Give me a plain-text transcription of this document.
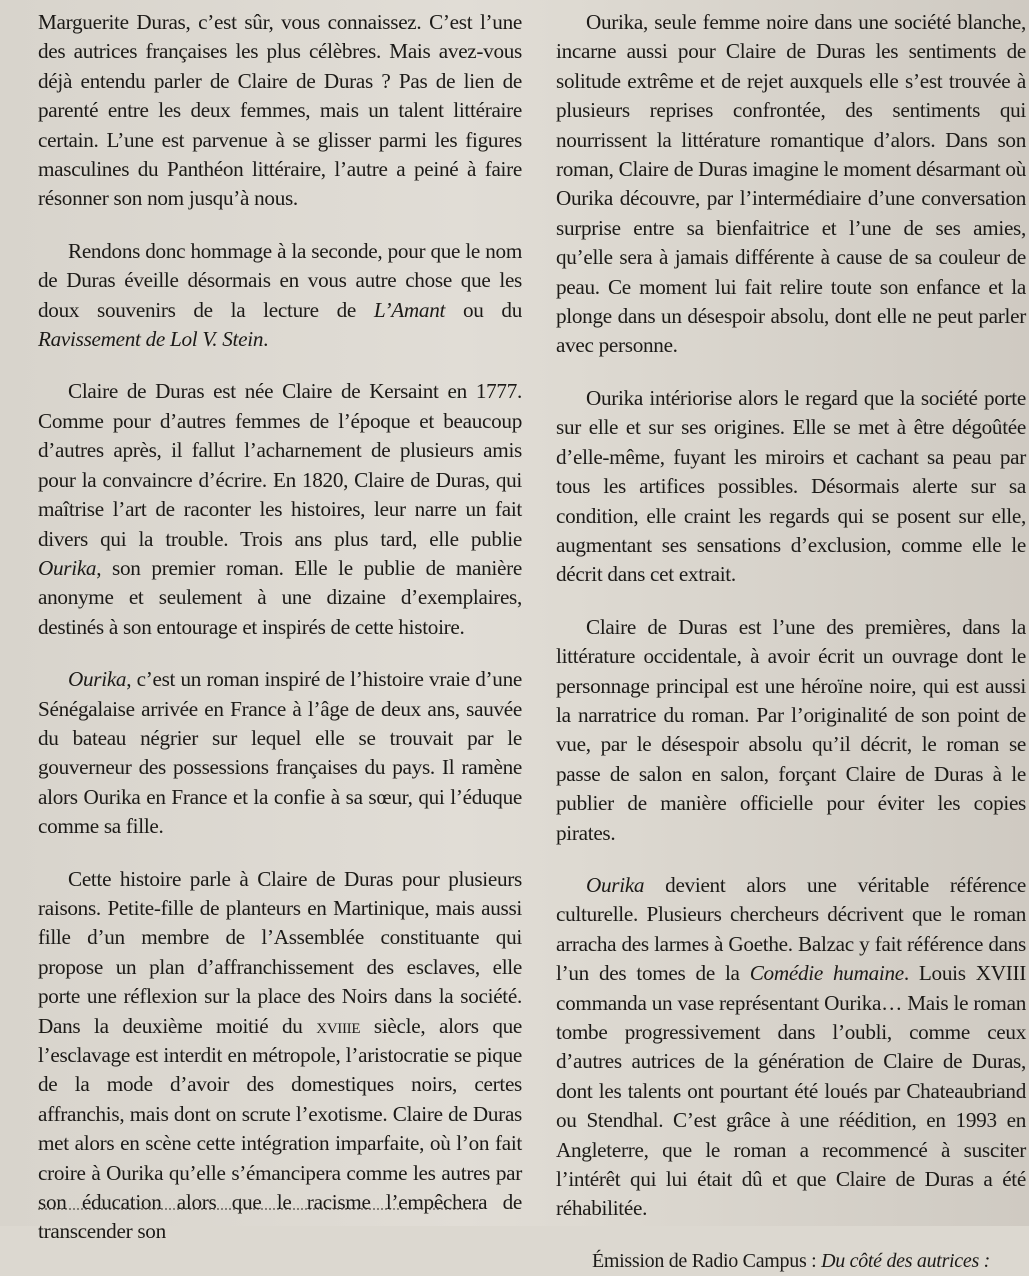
Marguerite Duras, c’est sûr, vous connaissez. C’est l’une des autrices françaises les plus célèbres. Mais avez-vous déjà entendu parler de Claire de Duras ? Pas de lien de parenté entre les deux femmes, mais un talent littéraire certain. L’une est parvenue à se glisser parmi les figures masculines du Panthéon littéraire, l’autre a peiné à faire résonner son nom jusqu’à nous.

Rendons donc hommage à la seconde, pour que le nom de Duras éveille désormais en vous autre chose que les doux souvenirs de la lecture de L’Amant ou du Ravissement de Lol V. Stein.

Claire de Duras est née Claire de Kersaint en 1777. Comme pour d’autres femmes de l’époque et beaucoup d’autres après, il fallut l’acharnement de plusieurs amis pour la convaincre d’écrire. En 1820, Claire de Duras, qui maîtrise l’art de raconter les histoires, leur narre un fait divers qui la trouble. Trois ans plus tard, elle publie Ourika, son premier roman. Elle le publie de manière anonyme et seulement à une dizaine d’exemplaires, destinés à son entourage et inspirés de cette histoire.

Ourika, c’est un roman inspiré de l’histoire vraie d’une Sénégalaise arrivée en France à l’âge de deux ans, sauvée du bateau négrier sur lequel elle se trouvait par le gouverneur des possessions françaises du pays. Il ramène alors Ourika en France et la confie à sa sœur, qui l’éduque comme sa fille.

Cette histoire parle à Claire de Duras pour plusieurs raisons. Petite-fille de planteurs en Martinique, mais aussi fille d’un membre de l’Assemblée constituante qui propose un plan d’affranchissement des esclaves, elle porte une réflexion sur la place des Noirs dans la société. Dans la deuxième moitié du xviiie siècle, alors que l’esclavage est interdit en métropole, l’aristocratie se pique de la mode d’avoir des domestiques noirs, certes affranchis, mais dont on scrute l’exotisme. Claire de Duras met alors en scène cette intégration imparfaite, où l’on fait croire à Ourika qu’elle s’émancipera comme les autres par son éducation alors que le racisme l’empêchera de transcender son

Ourika, seule femme noire dans une société blanche, incarne aussi pour Claire de Duras les sentiments de solitude extrême et de rejet auxquels elle s’est trouvée à plusieurs reprises confrontée, des sentiments qui nourrissent la littérature romantique d’alors. Dans son roman, Claire de Duras imagine le moment désarmant où Ourika découvre, par l’intermédiaire d’une conversation surprise entre sa bienfaitrice et l’une de ses amies, qu’elle sera à jamais différente à cause de sa couleur de peau. Ce moment lui fait relire toute son enfance et la plonge dans un désespoir absolu, dont elle ne peut parler avec personne.

Ourika intériorise alors le regard que la société porte sur elle et sur ses origines. Elle se met à être dégoûtée d’elle-même, fuyant les miroirs et cachant sa peau par tous les artifices possibles. Désormais alerte sur sa condition, elle craint les regards qui se posent sur elle, augmentant ses sensations d’exclusion, comme elle le décrit dans cet extrait.

Claire de Duras est l’une des premières, dans la littérature occidentale, à avoir écrit un ouvrage dont le personnage principal est une héroïne noire, qui est aussi la narratrice du roman. Par l’originalité de son point de vue, par le désespoir absolu qu’il décrit, le roman se passe de salon en salon, forçant Claire de Duras à le publier de manière officielle pour éviter les copies pirates.

Ourika devient alors une véritable référence culturelle. Plusieurs chercheurs décrivent que le roman arracha des larmes à Goethe. Balzac y fait référence dans l’un des tomes de la Comédie humaine. Louis XVIII commanda un vase représentant Ourika… Mais le roman tombe progressivement dans l’oubli, comme ceux d’autres autrices de la génération de Claire de Duras, dont les talents ont pourtant été loués par Chateaubriand ou Stendhal. C’est grâce à une réédition, en 1993 en Angleterre, que le roman a recommencé à susciter l’intérêt qui lui était dû et que Claire de Duras a été réhabilitée.

Émission de Radio Campus : Du côté des autrices :
